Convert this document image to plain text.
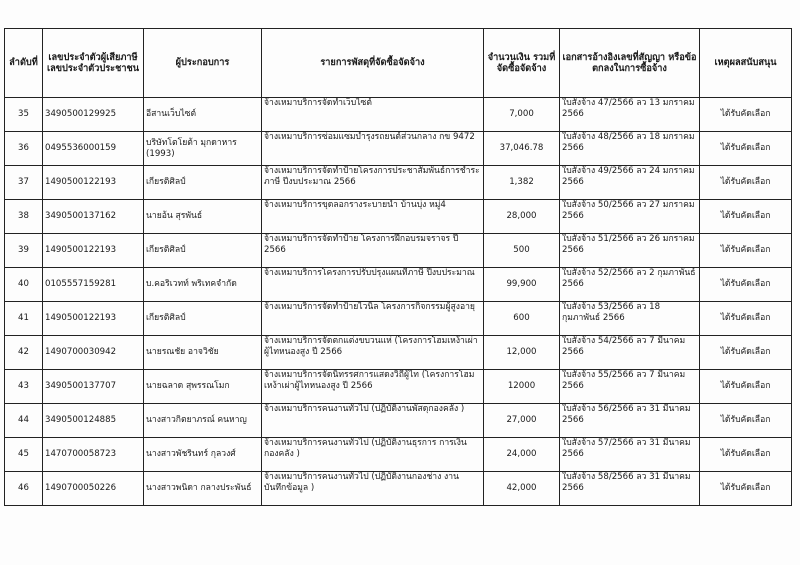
ลำดับที่	เลขประจำตัวผู้เสียภาษี เลขประจำตัวประชาชน	ผู้ประกอบการ	รายการพัสดุที่จัดซื้อจัดจ้าง	จำนวนเงิน รวมที่จัดซื้อจัดจ้าง	เอกสารอ้างอิงเลขที่สัญญา หรือข้อตกลงในการซื้อจ้าง	เหตุผลสนับสนุน
35	3490500129925	อีสานเว็บไซต์	จ้างเหมาบริการจัดทำเว็บไซต์	7,000	ใบสั่งจ้าง 47/2566 ลว 13 มกราคม 2566	ได้รับคัดเลือก
36	0495536000159	บริษัทโตโยต้า มุกดาหาร (1993)	จ้างเหมาบริการซ่อมแซมบำรุงรถยนต์ส่วนกลาง กข 9472	37,046.78	ใบสั่งจ้าง 48/2566 ลว 18 มกราคม 2566	ได้รับคัดเลือก
37	1490500122193	เกียรติศิลป์	จ้างเหมาบริการจัดทำป้ายโครงการประชาสัมพันธ์การชำระภาษี ปีงบประมาณ 2566	1,382	ใบสั่งจ้าง 49/2566 ลว 24 มกราคม 2566	ได้รับคัดเลือก
38	3490500137162	นายอ้น สุรพันธ์	จ้างเหมาบริการขุดลอกรางระบายน้ำ บ้านบุ่ง หมู่4	28,000	ใบสั่งจ้าง 50/2566 ลว 27 มกราคม 2566	ได้รับคัดเลือก
39	1490500122193	เกียรติศิลป์	จ้างเหมาบริการจัดทำป้าย โครงการฝึกอบรมจราจร ปี 2566	500	ใบสั่งจ้าง 51/2566 ลว 26 มกราคม 2566	ได้รับคัดเลือก
40	0105557159281	บ.คอริเวทท์ พริเทคจำกัด	จ้างเหมาบริการโครงการปรับปรุงแผนที่ภาษี ปีงบประมาณ	99,900	ใบสั่งจ้าง 52/2566 ลว 2 กุมภาพันธ์ 2566	ได้รับคัดเลือก
41	1490500122193	เกียรติศิลป์	จ้างเหมาบริการจัดทำป้ายไวนิล โครงการกิจกรรมผู้สูงอายุ	600	ใบสั่งจ้าง 53/2566 ลว 18 กุมภาพันธ์ 2566	ได้รับคัดเลือก
42	1490700030942	นายรณชัย อาจวิชัย	จ้างเหมาบริการจัดตกแต่งขบวนแห่ (โครงการโฮมเหง้าเผ่าผู้ไทหนองสูง ปี 2566	12,000	ใบสั่งจ้าง 54/2566 ลว 7 มีนาคม 2566	ได้รับคัดเลือก
43	3490500137707	นายฉลาด สุพรรณโมก	จ้างเหมาบริการจัดนิทรรศการแสดงวิถีผู้ไท (โครงการโฮมเหง้าเผ่าผู้ไทหนองสูง ปี 2566	12000	ใบสั่งจ้าง 55/2566 ลว 7 มีนาคม 2566	ได้รับคัดเลือก
44	3490500124885	นางสาวกิตยาภรณ์ คนหาญ	จ้างเหมาบริการคนงานทั่วไป (ปฏิบัติงานพัสดุกองคลัง )	27,000	ใบสั่งจ้าง 56/2566 ลว 31 มีนาคม 2566	ได้รับคัดเลือก
45	1470700058723	นางสาวพัชรินทร์ กุลวงศ์	จ้างเหมาบริการคนงานทั่วไป (ปฏิบัติงานธุรการ การเงินกองคลัง )	24,000	ใบสั่งจ้าง 57/2566 ลว 31 มีนาคม 2566	ได้รับคัดเลือก
46	1490700050226	นางสาวพนิดา กลางประพันธ์	จ้างเหมาบริการคนงานทั่วไป (ปฏิบัติงานกองช่าง งานบันทึกข้อมูล )	42,000	ใบสั่งจ้าง 58/2566 ลว 31 มีนาคม 2566	ได้รับคัดเลือก
